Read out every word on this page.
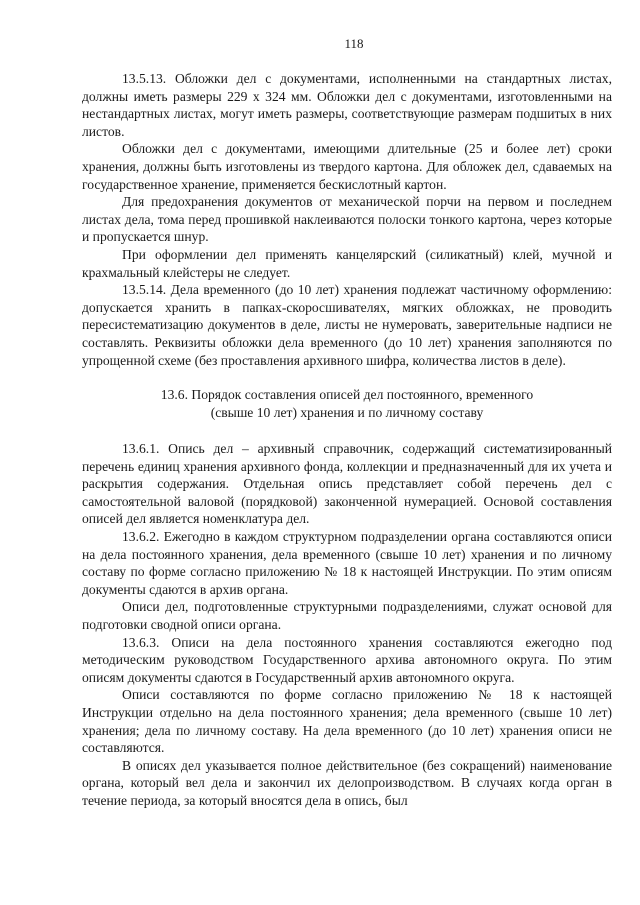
118

13.5.13. Обложки дел с документами, исполненными на стандартных листах, должны иметь размеры 229 х 324 мм. Обложки дел с документами, изготовленными на нестандартных листах, могут иметь размеры, соответствующие размерам подшитых в них листов.

Обложки дел с документами, имеющими длительные (25 и более лет) сроки хранения, должны быть изготовлены из твердого картона. Для обложек дел, сдаваемых на государственное хранение, применяется бескислотный картон.

Для предохранения документов от механической порчи на первом и последнем листах дела, тома перед прошивкой наклеиваются полоски тонкого картона, через которые и пропускается шнур.

При оформлении дел применять канцелярский (силикатный) клей, мучной и крахмальный клейстеры не следует.

13.5.14. Дела временного (до 10 лет) хранения подлежат частичному оформлению: допускается хранить в папках-скоросшивателях, мягких обложках, не проводить пересистематизацию документов в деле, листы не нумеровать, заверительные надписи не составлять. Реквизиты обложки дела временного (до 10 лет) хранения заполняются по упрощенной схеме (без проставления архивного шифра, количества листов в деле).

13.6. Порядок составления описей дел постоянного, временного
(свыше 10 лет) хранения и по личному составу

13.6.1. Опись дел – архивный справочник, содержащий систематизированный перечень единиц хранения архивного фонда, коллекции и предназначенный для их учета и раскрытия содержания. Отдельная опись представляет собой перечень дел с самостоятельной валовой (порядковой) законченной нумерацией. Основой составления описей дел является номенклатура дел.

13.6.2. Ежегодно в каждом структурном подразделении органа составляются описи на дела постоянного хранения, дела временного (свыше 10 лет) хранения и по личному составу по форме согласно приложению № 18 к настоящей Инструкции. По этим описям документы сдаются в архив органа.

Описи дел, подготовленные структурными подразделениями, служат основой для подготовки сводной описи органа.

13.6.3. Описи на дела постоянного хранения составляются ежегодно под методическим руководством Государственного архива автономного округа. По этим описям документы сдаются в Государственный архив автономного округа.

Описи составляются по форме согласно приложению № 18 к настоящей Инструкции отдельно на дела постоянного хранения; дела временного (свыше 10 лет) хранения; дела по личному составу. На дела временного (до 10 лет) хранения описи не составляются.

В описях дел указывается полное действительное (без сокращений) наименование органа, который вел дела и закончил их делопроизводством. В случаях когда орган в течение периода, за который вносятся дела в опись, был
